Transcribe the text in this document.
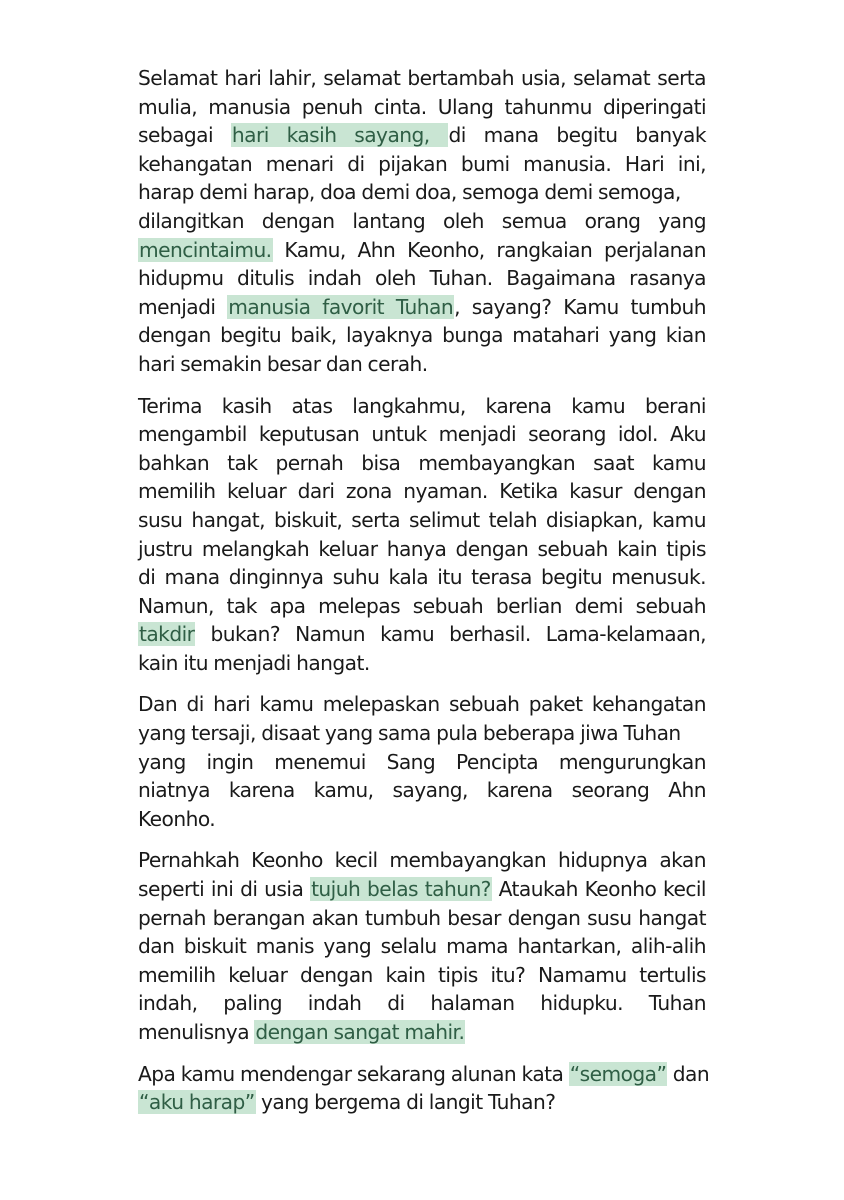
Selamat hari lahir, selamat bertambah usia, selamat serta
mulia, manusia penuh cinta. Ulang tahunmu diperingati
sebagai hari kasih sayang, di mana begitu banyak
kehangatan menari di pijakan bumi manusia. Hari ini,
harap demi harap, doa demi doa, semoga demi semoga,
dilangitkan dengan lantang oleh semua orang yang
mencintaimu. Kamu, Ahn Keonho, rangkaian perjalanan
hidupmu ditulis indah oleh Tuhan. Bagaimana rasanya
menjadi manusia favorit Tuhan, sayang? Kamu tumbuh
dengan begitu baik, layaknya bunga matahari yang kian
hari semakin besar dan cerah.
Terima kasih atas langkahmu, karena kamu berani
mengambil keputusan untuk menjadi seorang idol. Aku
bahkan tak pernah bisa membayangkan saat kamu
memilih keluar dari zona nyaman. Ketika kasur dengan
susu hangat, biskuit, serta selimut telah disiapkan, kamu
justru melangkah keluar hanya dengan sebuah kain tipis
di mana dinginnya suhu kala itu terasa begitu menusuk.
Namun, tak apa melepas sebuah berlian demi sebuah
takdir bukan? Namun kamu berhasil. Lama-kelamaan,
kain itu menjadi hangat.
Dan di hari kamu melepaskan sebuah paket kehangatan
yang tersaji, disaat yang sama pula beberapa jiwa Tuhan
yang ingin menemui Sang Pencipta mengurungkan
niatnya karena kamu, sayang, karena seorang Ahn
Keonho.
Pernahkah Keonho kecil membayangkan hidupnya akan
seperti ini di usia tujuh belas tahun? Ataukah Keonho kecil
pernah berangan akan tumbuh besar dengan susu hangat
dan biskuit manis yang selalu mama hantarkan, alih-alih
memilih keluar dengan kain tipis itu? Namamu tertulis
indah, paling indah di halaman hidupku. Tuhan
menulisnya dengan sangat mahir.
Apa kamu mendengar sekarang alunan kata “semoga” dan
“aku harap” yang bergema di langit Tuhan?
